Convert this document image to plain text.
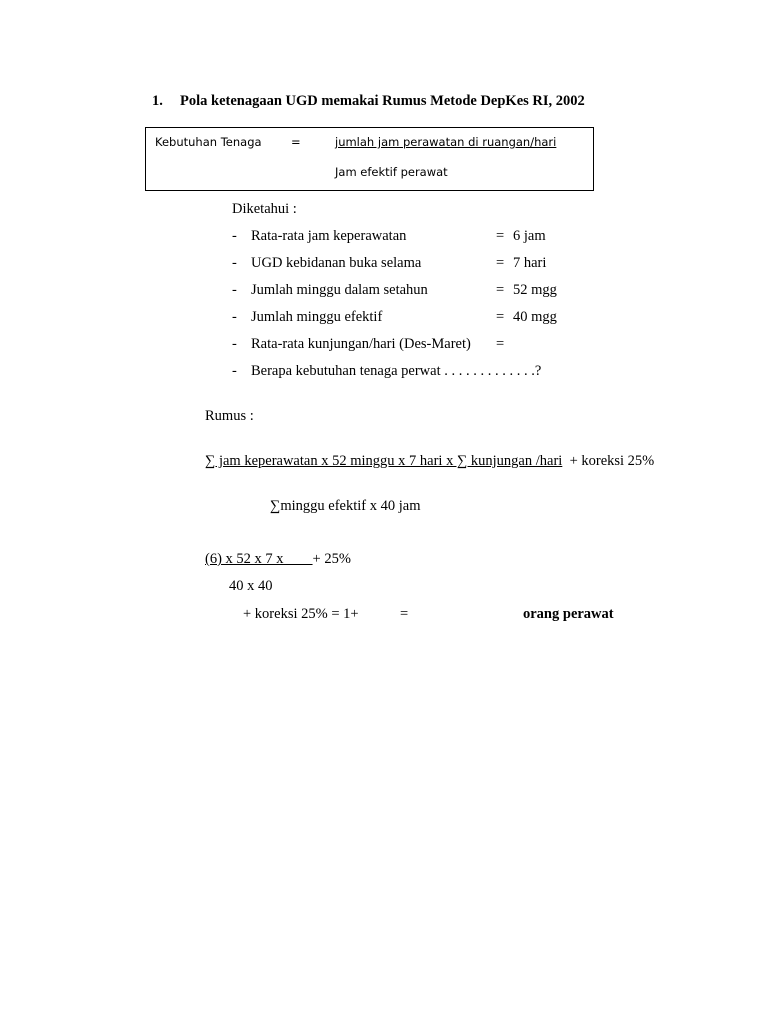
1. Pola ketenagaan UGD memakai Rumus Metode DepKes RI, 2002
Kebutuhan Tenaga	=	jumlah jam perawatan di ruangan/hari
Jam efektif perawat
Diketahui :
- Rata-rata jam keperawatan	= 6 jam
- UGD kebidanan buka selama	= 7 hari
- Jumlah minggu dalam setahun	= 52 mgg
- Jumlah minggu efektif	= 40 mgg
- Rata-rata kunjungan/hari (Des-Maret) =
- Berapa kebutuhan tenaga perwat . . . . . . . . . . . . .?
Rumus :
∑ jam keperawatan x 52 minggu x 7 hari x ∑ kunjungan /hari  + koreksi 25%
∑minggu efektif x 40 jam
(6) x 52 x 7 x        + 25%
40 x 40
+ koreksi 25% = 1+	=	orang perawat
